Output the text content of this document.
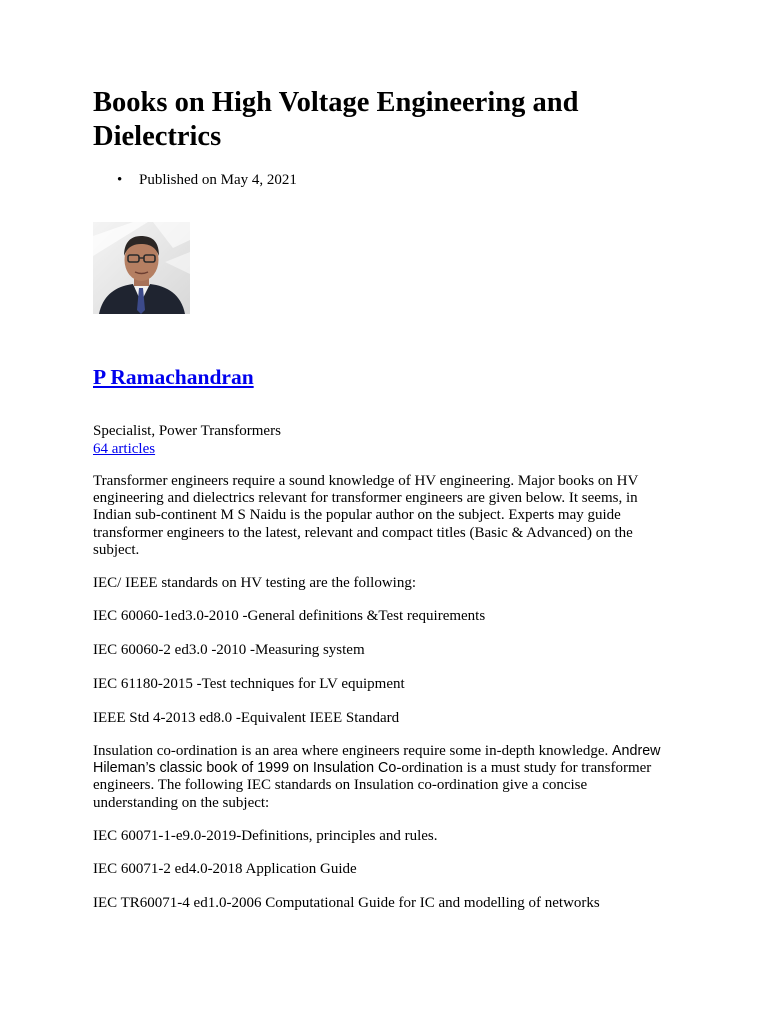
Books on High Voltage Engineering and Dielectrics
• Published on May 4, 2021
P Ramachandran
Specialist, Power Transformers
64 articles

Transformer engineers require a sound knowledge of HV engineering. Major books on HV engineering and dielectrics relevant for transformer engineers are given below. It seems, in Indian sub-continent M S Naidu is the popular author on the subject. Experts may guide transformer engineers to the latest, relevant and compact titles (Basic & Advanced) on the subject.

IEC/ IEEE standards on HV testing are the following:

IEC 60060-1ed3.0-2010 -General definitions &Test requirements

IEC 60060-2 ed3.0 -2010 -Measuring system

IEC 61180-2015 -Test techniques for LV equipment

IEEE Std 4-2013 ed8.0 -Equivalent IEEE Standard

Insulation co-ordination is an area where engineers require some in-depth knowledge. Andrew Hileman’s classic book of 1999 on Insulation Co-ordination is a must study for transformer engineers. The following IEC standards on Insulation co-ordination give a concise understanding on the subject:

IEC 60071-1-e9.0-2019-Definitions, principles and rules.

IEC 60071-2 ed4.0-2018 Application Guide

IEC TR60071-4 ed1.0-2006 Computational Guide for IC and modelling of networks
